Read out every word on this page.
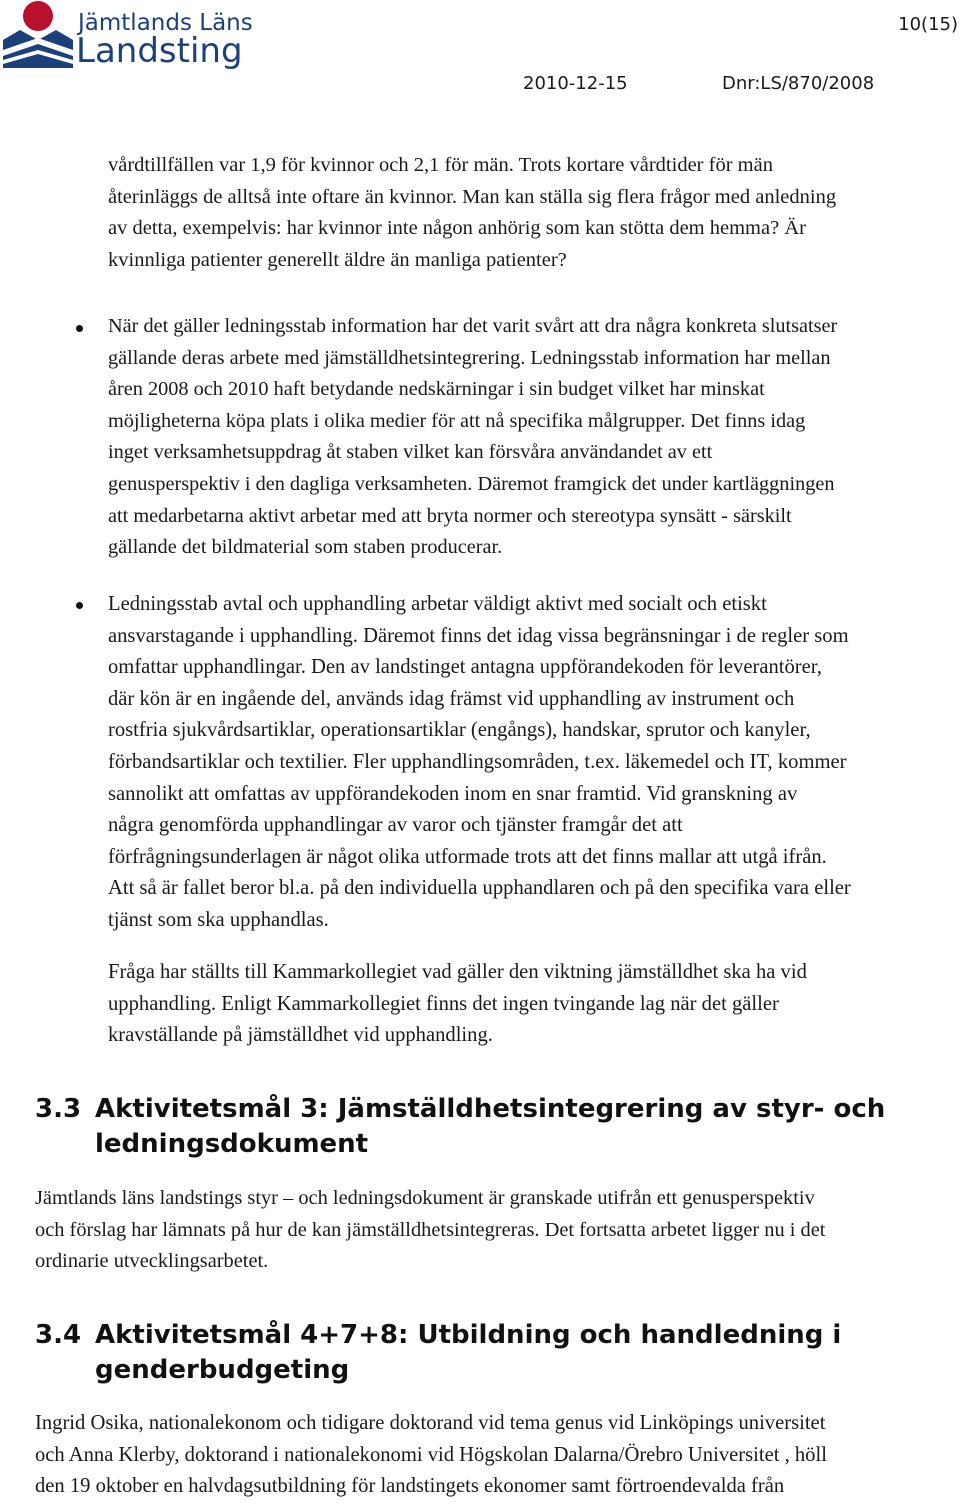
Jämtlands Läns
Landsting
10(15)
2010-12-15	Dnr:LS/870/2008
vårdtillfällen var 1,9 för kvinnor och 2,1 för män. Trots kortare vårdtider för män
återinläggs de alltså inte oftare än kvinnor. Man kan ställa sig flera frågor med anledning
av detta, exempelvis: har kvinnor inte någon anhörig som kan stötta dem hemma? Är
kvinnliga patienter generellt äldre än manliga patienter?
När det gäller ledningsstab information har det varit svårt att dra några konkreta slutsatser
gällande deras arbete med jämställdhetsintegrering. Ledningsstab information har mellan
åren 2008 och 2010 haft betydande nedskärningar i sin budget vilket har minskat
möjligheterna köpa plats i olika medier för att nå specifika målgrupper. Det finns idag
inget verksamhetsuppdrag åt staben vilket kan försvåra användandet av ett
genusperspektiv i den dagliga verksamheten. Däremot framgick det under kartläggningen
att medarbetarna aktivt arbetar med att bryta normer och stereotypa synsätt - särskilt
gällande det bildmaterial som staben producerar.
Ledningsstab avtal och upphandling arbetar väldigt aktivt med socialt och etiskt
ansvarstagande i upphandling. Däremot finns det idag vissa begränsningar i de regler som
omfattar upphandlingar. Den av landstinget antagna uppförandekoden för leverantörer,
där kön är en ingående del, används idag främst vid upphandling av instrument och
rostfria sjukvårdsartiklar, operationsartiklar (engångs), handskar, sprutor och kanyler,
förbandsartiklar och textilier. Fler upphandlingsområden, t.ex. läkemedel och IT, kommer
sannolikt att omfattas av uppförandekoden inom en snar framtid. Vid granskning av
några genomförda upphandlingar av varor och tjänster framgår det att
förfrågningsunderlagen är något olika utformade trots att det finns mallar att utgå ifrån.
Att så är fallet beror bl.a. på den individuella upphandlaren och på den specifika vara eller
tjänst som ska upphandlas.
Fråga har ställts till Kammarkollegiet vad gäller den viktning jämställdhet ska ha vid
upphandling. Enligt Kammarkollegiet finns det ingen tvingande lag när det gäller
kravställande på jämställdhet vid upphandling.
3.3 Aktivitetsmål 3: Jämställdhetsintegrering av styr- och
ledningsdokument
Jämtlands läns landstings styr – och ledningsdokument är granskade utifrån ett genusperspektiv
och förslag har lämnats på hur de kan jämställdhetsintegreras. Det fortsatta arbetet ligger nu i det
ordinarie utvecklingsarbetet.
3.4 Aktivitetsmål 4+7+8: Utbildning och handledning i
genderbudgeting
Ingrid Osika, nationalekonom och tidigare doktorand vid tema genus vid Linköpings universitet
och Anna Klerby, doktorand i nationalekonomi vid Högskolan Dalarna/Örebro Universitet , höll
den 19 oktober en halvdagsutbildning för landstingets ekonomer samt förtroendevalda från
